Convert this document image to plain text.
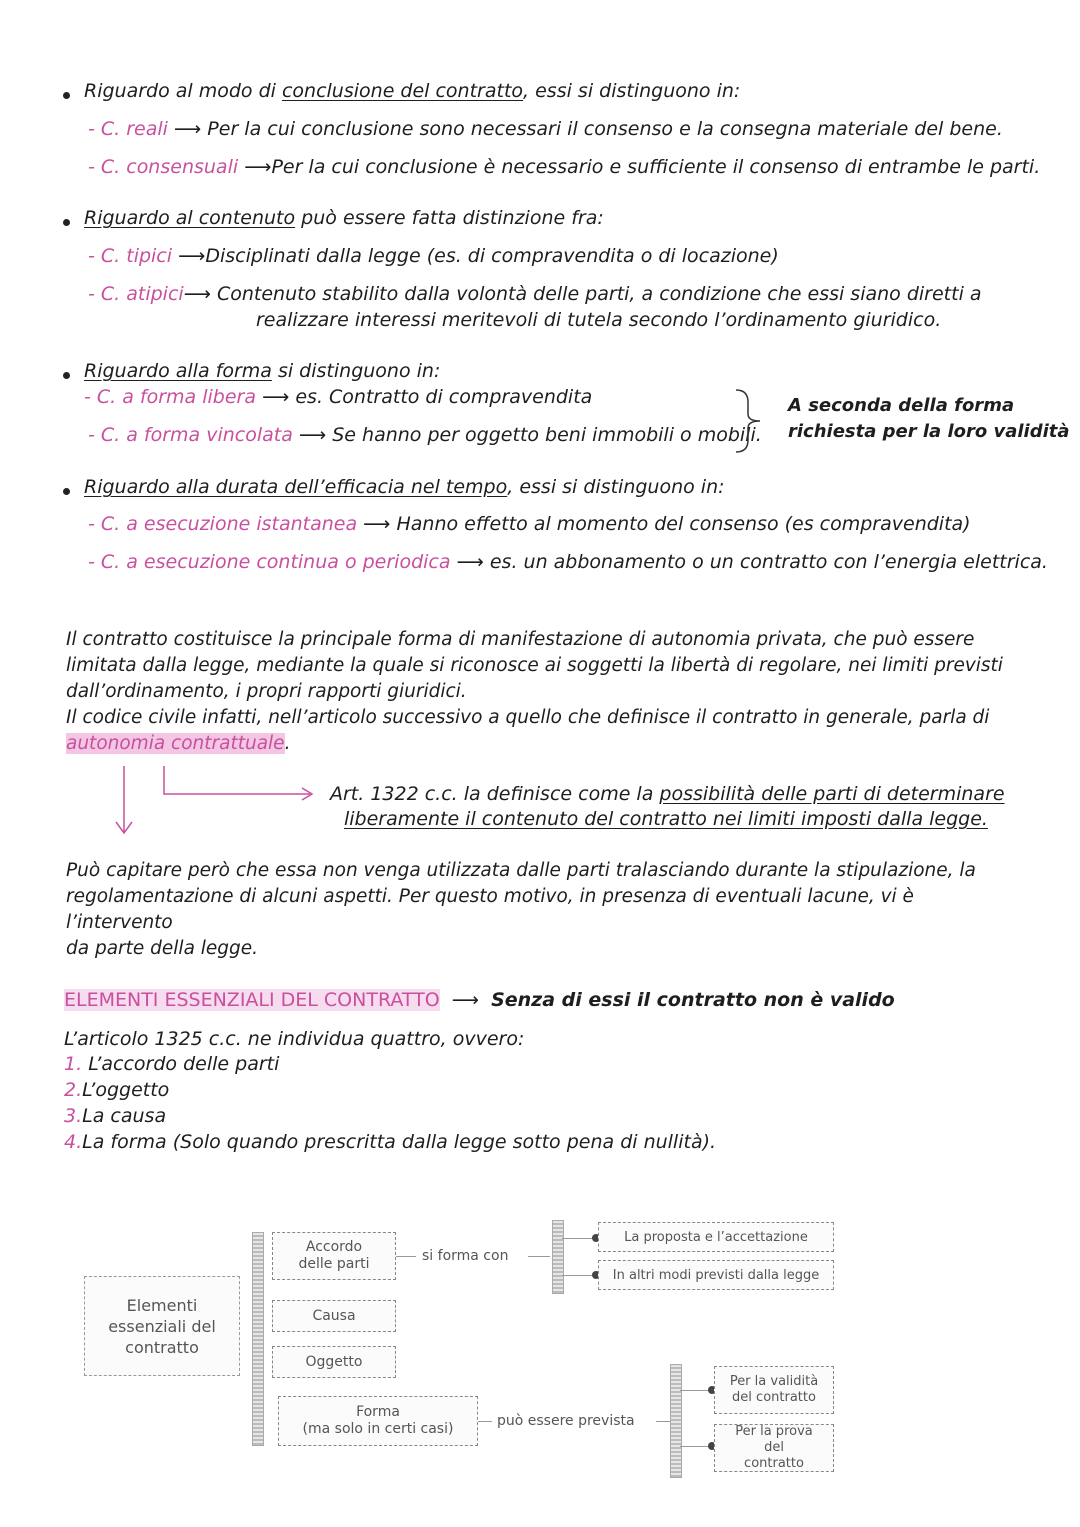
Riguardo al modo di conclusione del contratto, essi si distinguono in:
- C. reali ⟶ Per la cui conclusione sono necessari il consenso e la consegna materiale del bene.
- C. consensuali ⟶Per la cui conclusione è necessario e sufficiente il consenso di entrambe le parti.
Riguardo al contenuto può essere fatta distinzione fra:
- C. tipici ⟶Disciplinati dalla legge (es. di compravendita o di locazione)
- C. atipici⟶ Contenuto stabilito dalla volontà delle parti, a condizione che essi siano diretti a
realizzare interessi meritevoli di tutela secondo l’ordinamento giuridico.
Riguardo alla forma si distinguono in:
- C. a forma libera ⟶ es. Contratto di compravendita
- C. a forma vincolata ⟶ Se hanno per oggetto beni immobili o mobili.
A seconda della forma
richiesta per la loro validità
Riguardo alla durata dell’efficacia nel tempo, essi si distinguono in:
- C. a esecuzione istantanea ⟶ Hanno effetto al momento del consenso (es compravendita)
- C. a esecuzione continua o periodica ⟶ es. un abbonamento o un contratto con l’energia elettrica.
Il contratto costituisce la principale forma di manifestazione di autonomia privata, che può essere
limitata dalla legge, mediante la quale si riconosce ai soggetti la libertà di regolare, nei limiti previsti
dall’ordinamento, i propri rapporti giuridici.
Il codice civile infatti, nell’articolo successivo a quello che definisce il contratto in generale, parla di
autonomia contrattuale.
Art. 1322 c.c. la definisce come la possibilità delle parti di determinare
liberamente il contenuto del contratto nei limiti imposti dalla legge.
Può capitare però che essa non venga utilizzata dalle parti tralasciando durante la stipulazione, la
regolamentazione di alcuni aspetti. Per questo motivo, in presenza di eventuali lacune, vi è l’intervento
da parte della legge.
ELEMENTI ESSENZIALI DEL CONTRATTO ⟶ Senza di essi il contratto non è valido
L’articolo 1325 c.c. ne individua quattro, ovvero:
1. L’accordo delle parti
2.L’oggetto
3.La causa
4.La forma (Solo quando prescritta dalla legge sotto pena di nullità).
Elementi essenziali del contratto
Accordo delle parti	si forma con
La proposta e l’accettazione
In altri modi previsti dalla legge
Causa
Oggetto
Forma
(ma solo in certi casi)	può essere prevista
Per la validità del contratto
Per la prova del contratto
